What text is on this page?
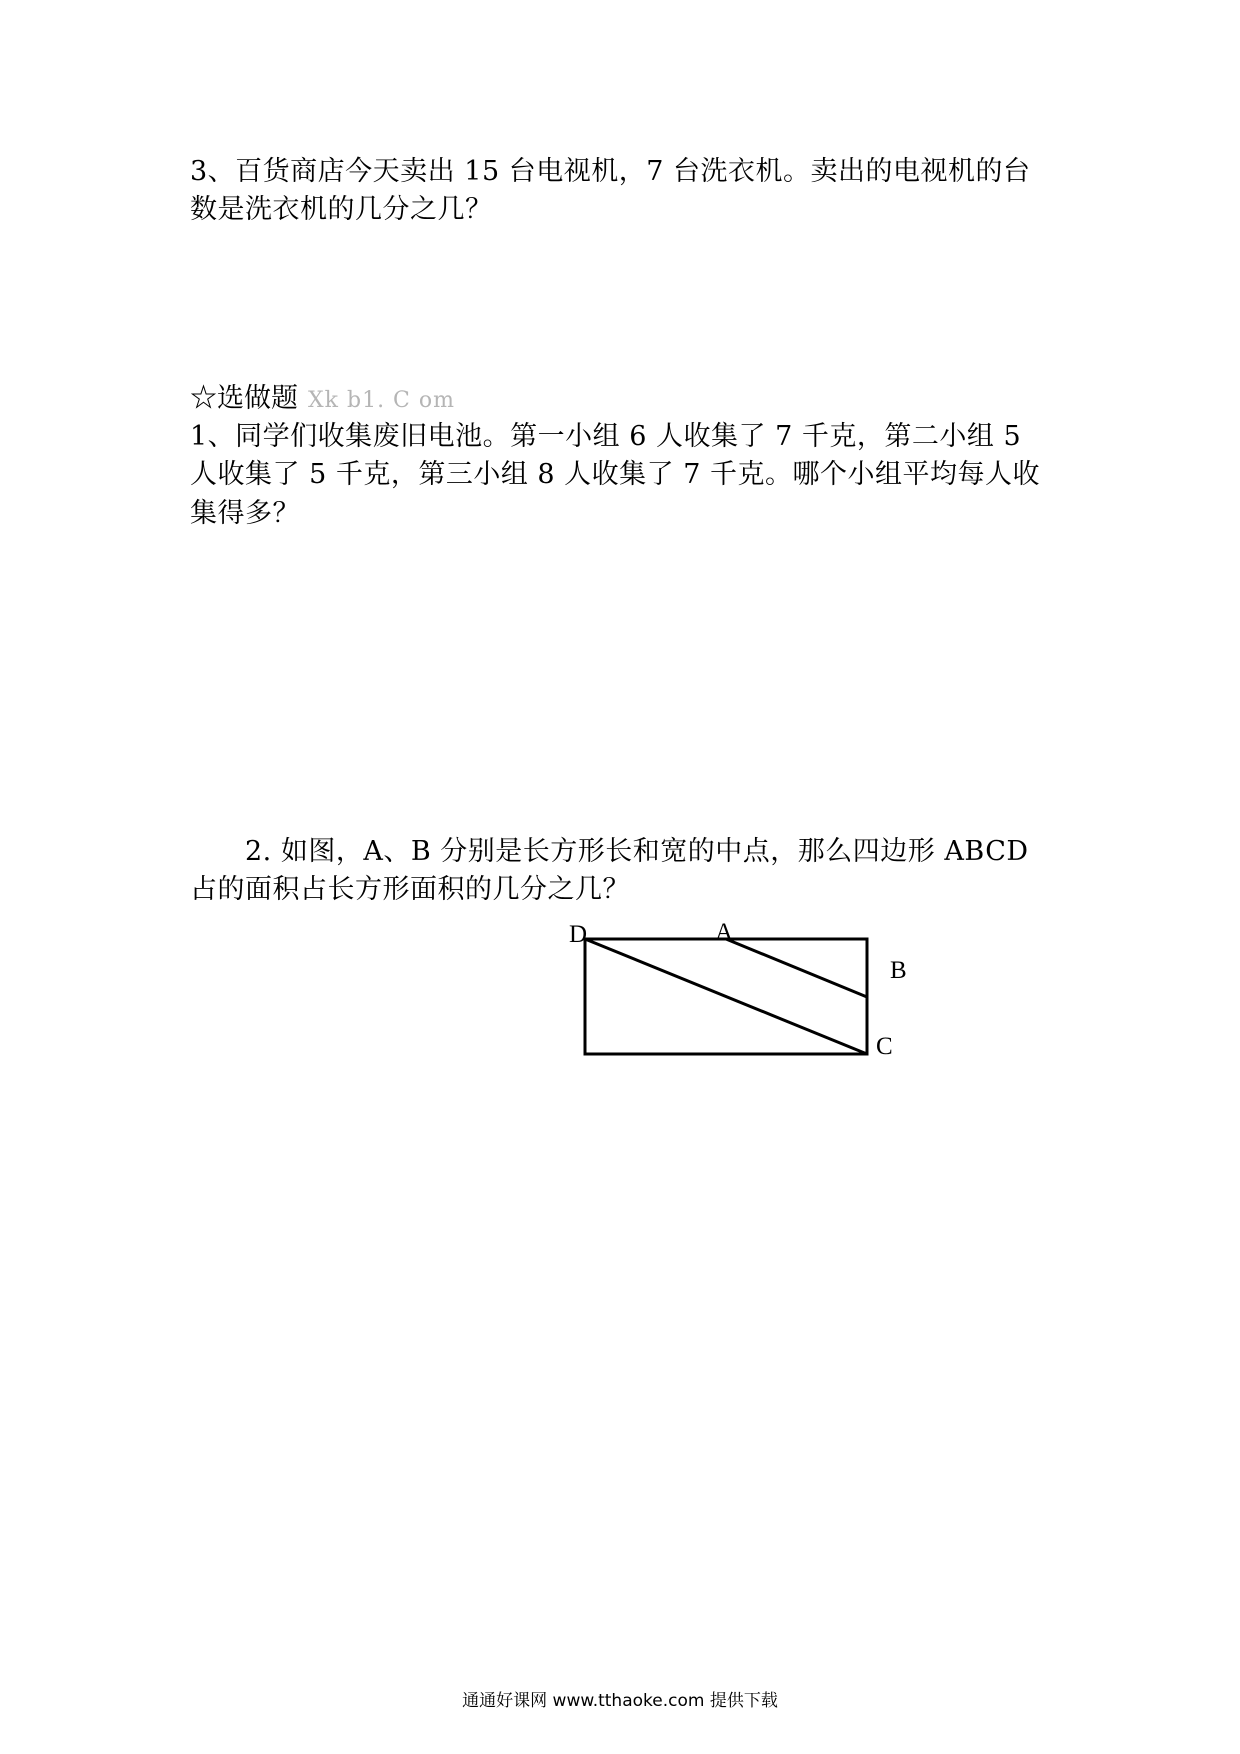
3、百货商店今天卖出 15 台电视机，7 台洗衣机。卖出的电视机的台
数是洗衣机的几分之几？
☆选做题 Xk b1. C om
1、同学们收集废旧电池。第一小组 6 人收集了 7 千克，第二小组 5
人收集了 5 千克，第三小组 8 人收集了 7 千克。哪个小组平均每人收
集得多？
2. 如图，A、B 分别是长方形长和宽的中点，那么四边形 ABCD
占的面积占长方形面积的几分之几？
D	A
B
C
通通好课网 www.tthaoke.com 提供下载
